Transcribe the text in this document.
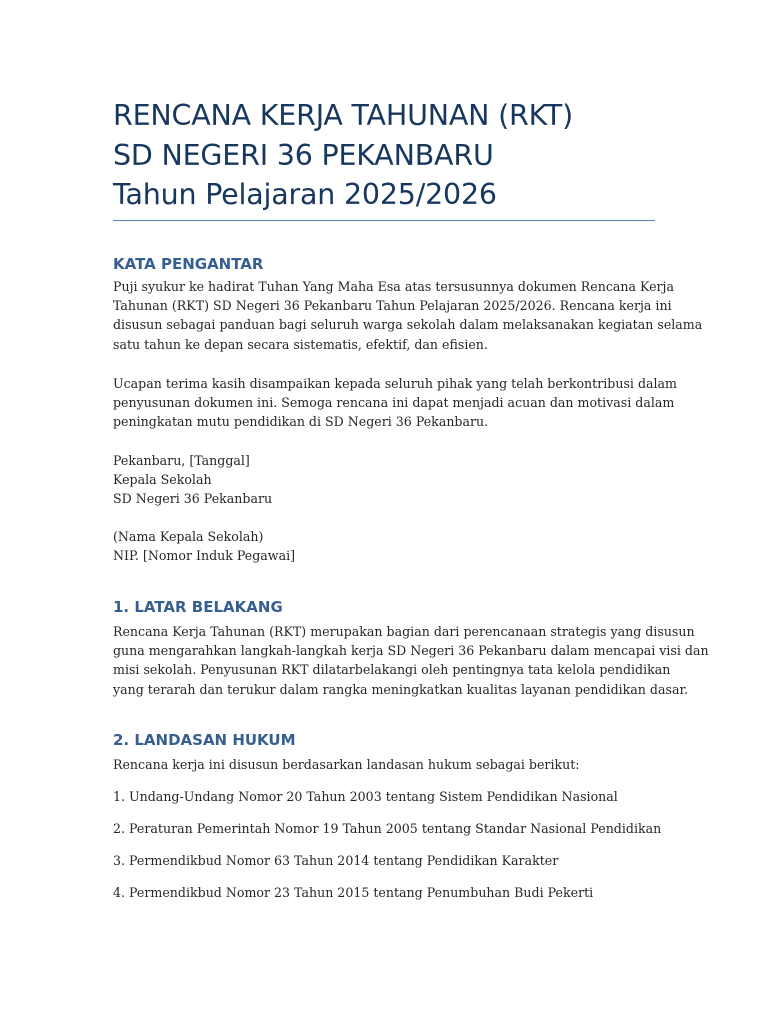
RENCANA KERJA TAHUNAN (RKT)
SD NEGERI 36 PEKANBARU
Tahun Pelajaran 2025/2026
KATA PENGANTAR
Puji syukur ke hadirat Tuhan Yang Maha Esa atas tersusunnya dokumen Rencana Kerja
Tahunan (RKT) SD Negeri 36 Pekanbaru Tahun Pelajaran 2025/2026. Rencana kerja ini
disusun sebagai panduan bagi seluruh warga sekolah dalam melaksanakan kegiatan selama
satu tahun ke depan secara sistematis, efektif, dan efisien.
Ucapan terima kasih disampaikan kepada seluruh pihak yang telah berkontribusi dalam
penyusunan dokumen ini. Semoga rencana ini dapat menjadi acuan dan motivasi dalam
peningkatan mutu pendidikan di SD Negeri 36 Pekanbaru.
Pekanbaru, [Tanggal]
Kepala Sekolah
SD Negeri 36 Pekanbaru
(Nama Kepala Sekolah)
NIP. [Nomor Induk Pegawai]
1. LATAR BELAKANG
Rencana Kerja Tahunan (RKT) merupakan bagian dari perencanaan strategis yang disusun
guna mengarahkan langkah-langkah kerja SD Negeri 36 Pekanbaru dalam mencapai visi dan
misi sekolah. Penyusunan RKT dilatarbelakangi oleh pentingnya tata kelola pendidikan
yang terarah dan terukur dalam rangka meningkatkan kualitas layanan pendidikan dasar.
2. LANDASAN HUKUM
Rencana kerja ini disusun berdasarkan landasan hukum sebagai berikut:
1. Undang-Undang Nomor 20 Tahun 2003 tentang Sistem Pendidikan Nasional
2. Peraturan Pemerintah Nomor 19 Tahun 2005 tentang Standar Nasional Pendidikan
3. Permendikbud Nomor 63 Tahun 2014 tentang Pendidikan Karakter
4. Permendikbud Nomor 23 Tahun 2015 tentang Penumbuhan Budi Pekerti
